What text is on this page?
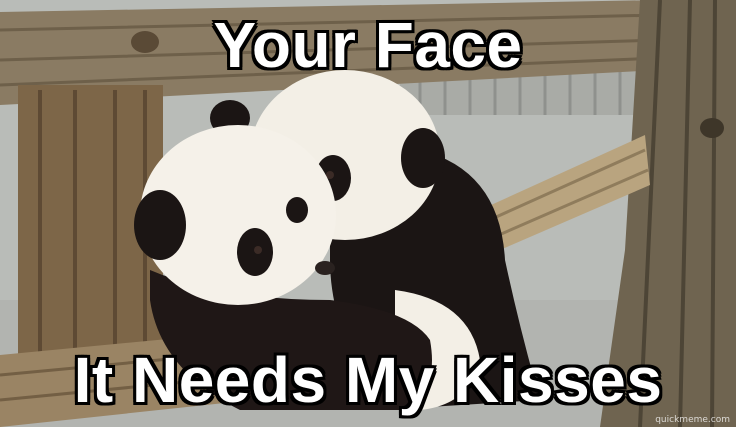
Your Face

It Needs My Kisses

quickmeme.com
